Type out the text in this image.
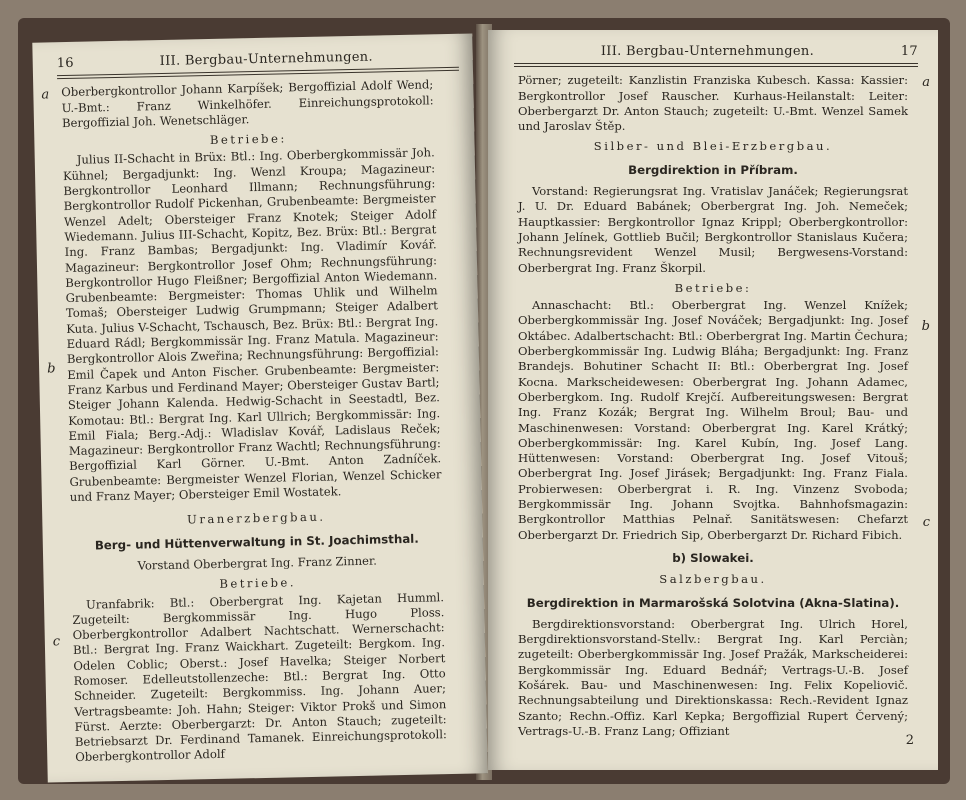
16	III. Bergbau-Unternehmungen.
a
b
c

Oberbergkontrollor Johann Karpíšek; Bergoffizial Adolf Wend; U.-Bmt.: Franz Winkelhöfer. Einreichungsprotokoll: Bergoffizial Joh. Wenetschläger.

Betriebe:

Julius II-Schacht in Brüx: Btl.: Ing. Oberbergkommissär Joh. Kühnel; Bergadjunkt: Ing. Wenzl Kroupa; Magazineur: Bergkontrollor Leonhard Illmann; Rechnungsführung: Bergkontrollor Rudolf Pickenhan, Grubenbeamte: Bergmeister Wenzel Adelt; Obersteiger Franz Knotek; Steiger Adolf Wiedemann. Julius III-Schacht, Kopitz, Bez. Brüx: Btl.: Bergrat Ing. Franz Bambas; Bergadjunkt: Ing. Vladimír Kovář. Magazineur: Bergkontrollor Josef Ohm; Rechnungsführung: Bergkontrollor Hugo Fleißner; Bergoffizial Anton Wiedemann. Grubenbeamte: Bergmeister: Thomas Uhlik und Wilhelm Tomaš; Obersteiger Ludwig Grumpmann; Steiger Adalbert Kuta. Julius V-Schacht, Tschausch, Bez. Brüx: Btl.: Bergrat Ing. Eduard Rádl; Bergkommissär Ing. Franz Matula. Magazineur: Bergkontrollor Alois Zweřina; Rechnungsführung: Bergoffizial: Emil Čapek und Anton Fischer. Grubenbeamte: Bergmeister: Franz Karbus und Ferdinand Mayer; Obersteiger Gustav Bartl; Steiger Johann Kalenda. Hedwig-Schacht in Seestadtl, Bez. Komotau: Btl.: Bergrat Ing. Karl Ullrich; Bergkommissär: Ing. Emil Fiala; Berg.-Adj.: Wladislav Kovář, Ladislaus Reček; Magazineur: Bergkontrollor Franz Wachtl; Rechnungsführung: Bergoffizial Karl Görner. U.-Bmt. Anton Zadníček. Grubenbeamte: Bergmeister Wenzel Florian, Wenzel Schicker und Franz Mayer; Obersteiger Emil Wostatek.

Uranerzbergbau.

Berg- und Hüttenverwaltung in St. Joachimsthal.

Vorstand Oberbergrat Ing. Franz Zinner.

Betriebe.

Uranfabrik: Btl.: Oberbergrat Ing. Kajetan Humml. Zugeteilt: Bergkommissär Ing. Hugo Ploss. Oberbergkontrollor Adalbert Nachtschatt. Wernerschacht: Btl.: Bergrat Ing. Franz Waickhart. Zugeteilt: Bergkom. Ing. Odelen Coblic; Oberst.: Josef Havelka; Steiger Norbert Romoser. Edelleutstollenzeche: Btl.: Bergrat Ing. Otto Schneider. Zugeteilt: Bergkommiss. Ing. Johann Auer; Vertragsbeamte: Joh. Hahn; Steiger: Viktor Prokš und Simon Fürst. Aerzte: Oberbergarzt: Dr. Anton Stauch; zugeteilt: Betriebsarzt Dr. Ferdinand Tamanek. Einreichungsprotokoll: Oberbergkontrollor Adolf

III. Bergbau-Unternehmungen.	17
a
b
c

Pörner; zugeteilt: Kanzlistin Franziska Kubesch. Kassa: Kassier: Bergkontrollor Josef Rauscher. Kurhaus-Heilanstalt: Leiter: Oberbergarzt Dr. Anton Stauch; zugeteilt: U.-Bmt. Wenzel Samek und Jaroslav Štěp.

Silber- und Blei-Erzbergbau.

Bergdirektion in Příbram.

Vorstand: Regierungsrat Ing. Vratislav Janáček; Regierungsrat J. U. Dr. Eduard Babánek; Oberbergrat Ing. Joh. Nemeček; Hauptkassier: Bergkontrollor Ignaz Krippl; Oberbergkontrollor: Johann Jelínek, Gottlieb Bučil; Bergkontrollor Stanislaus Kučera; Rechnungsrevident Wenzel Musil; Bergwesens-Vorstand: Oberbergrat Ing. Franz Škorpil.

Betriebe:

Annaschacht: Btl.: Oberbergrat Ing. Wenzel Knížek; Oberbergkommissär Ing. Josef Nováček; Bergadjunkt: Ing. Josef Oktábec. Adalbertschacht: Btl.: Oberbergrat Ing. Martin Čechura; Oberbergkommissär Ing. Ludwig Bláha; Bergadjunkt: Ing. Franz Brandejs. Bohutiner Schacht II: Btl.: Oberbergrat Ing. Josef Kocna. Markscheidewesen: Oberbergrat Ing. Johann Adamec, Oberbergkom. Ing. Rudolf Krejčí. Aufbereitungswesen: Bergrat Ing. Franz Kozák; Bergrat Ing. Wilhelm Broul; Bau- und Maschinenwesen: Vorstand: Oberbergrat Ing. Karel Krátký; Oberbergkommissär: Ing. Karel Kubín, Ing. Josef Lang. Hüttenwesen: Vorstand: Oberbergrat Ing. Josef Vitouš; Oberbergrat Ing. Josef Jirásek; Bergadjunkt: Ing. Franz Fiala. Probierwesen: Oberbergrat i. R. Ing. Vinzenz Svoboda; Bergkommissär Ing. Johann Svojtka. Bahnhofsmagazin: Bergkontrollor Matthias Pelnař. Sanitätswesen: Chefarzt Oberbergarzt Dr. Friedrich Sip, Oberbergarzt Dr. Richard Fibich.

b) Slowakei.

Salzbergbau.

Bergdirektion in Marmarošská Solotvina (Akna-Slatina).

Bergdirektionsvorstand: Oberbergrat Ing. Ulrich Horel, Bergdirektionsvorstand-Stellv.: Bergrat Ing. Karl Perciàn; zugeteilt: Oberbergkommissär Ing. Josef Pražák, Markscheiderei: Bergkommissär Ing. Eduard Bednář; Vertrags-U.-B. Josef Košárek. Bau- und Maschinenwesen: Ing. Felix Kopeliovič. Rechnungsabteilung und Direktionskassa: Rech.-Revident Ignaz Szanto; Rechn.-Offiz. Karl Kepka; Bergoffizial Rupert Červený; Vertrags-U.-B. Franz Lang; Offiziant

2
